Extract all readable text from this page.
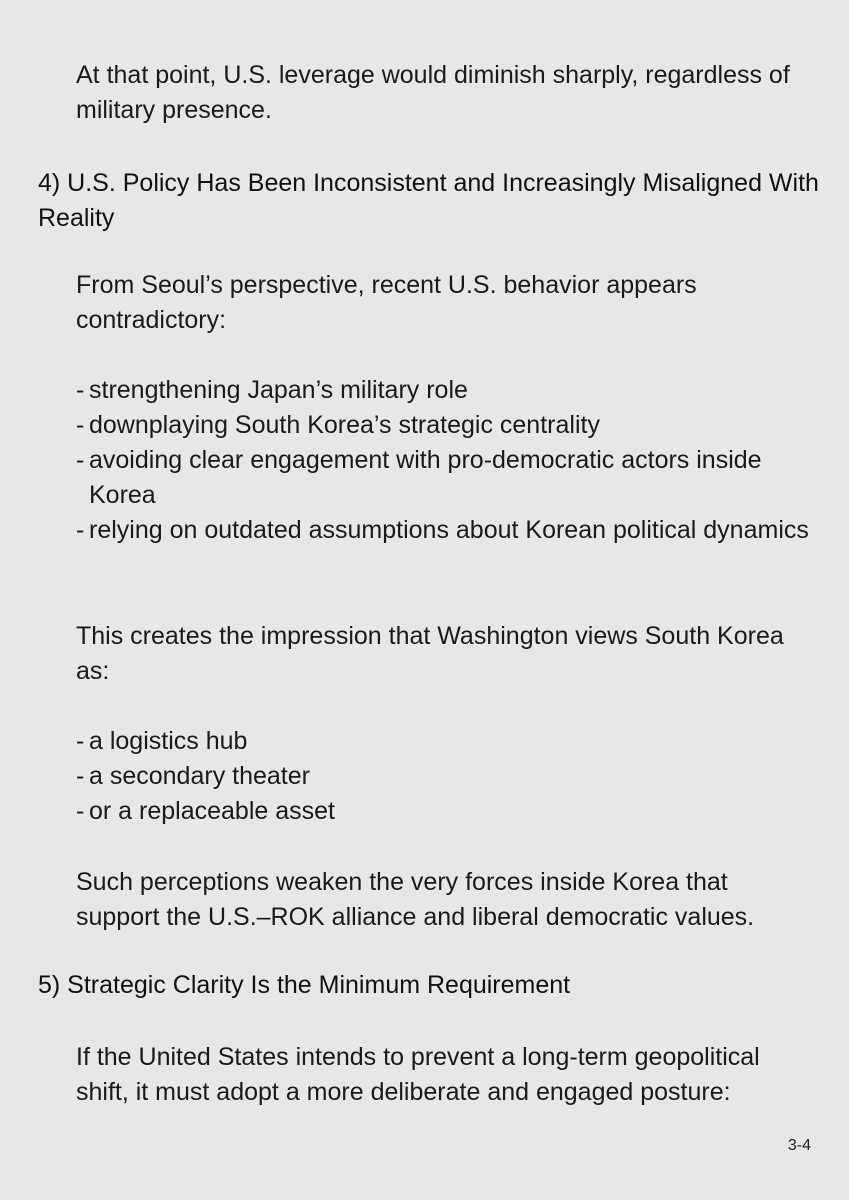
At that point, U.S. leverage would diminish sharply, regardless of military presence.

4) U.S. Policy Has Been Inconsistent and Increasingly Misaligned With Reality

From Seoul’s perspective, recent U.S. behavior appears contradictory:

- strengthening Japan’s military role
- downplaying South Korea’s strategic centrality
- avoiding clear engagement with pro-democratic actors inside Korea
- relying on outdated assumptions about Korean political dynamics

This creates the impression that Washington views South Korea as:

- a logistics hub
- a secondary theater
- or a replaceable asset

Such perceptions weaken the very forces inside Korea that support the U.S.–ROK alliance and liberal democratic values.

5) Strategic Clarity Is the Minimum Requirement

If the United States intends to prevent a long-term geopolitical shift, it must adopt a more deliberate and engaged posture:

3-4
